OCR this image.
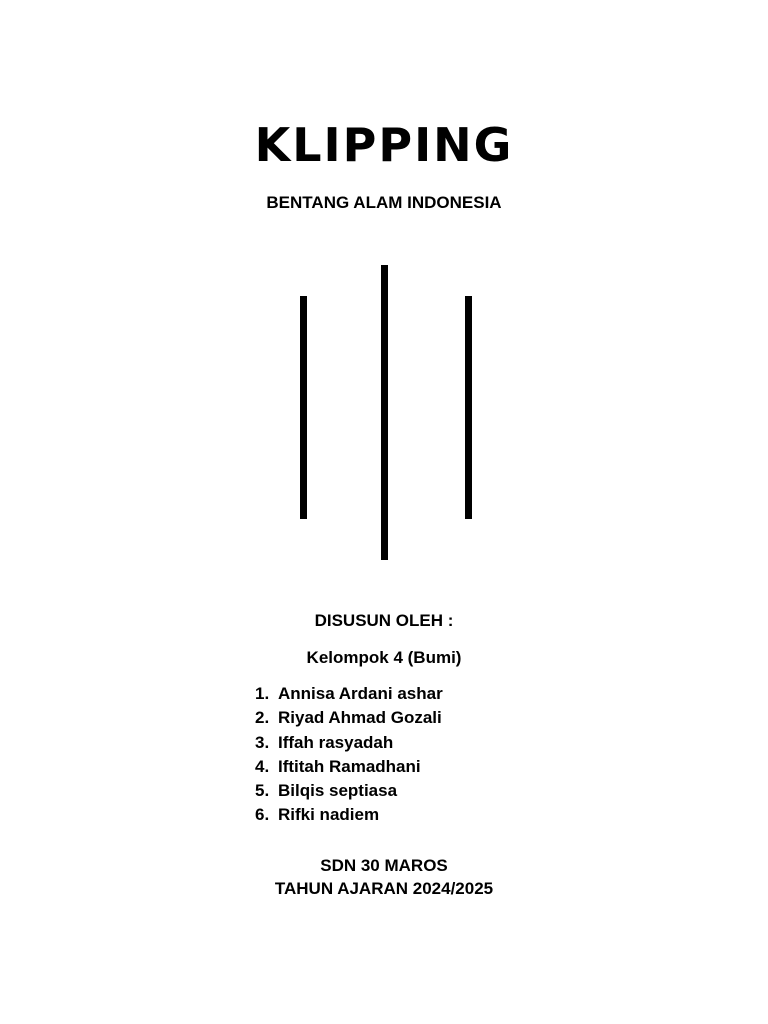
KLIPPING

BENTANG ALAM INDONESIA

DISUSUN OLEH :

Kelompok 4 (Bumi)

1. Annisa Ardani ashar
2. Riyad Ahmad Gozali
3. Iffah rasyadah
4. Iftitah Ramadhani
5. Bilqis septiasa
6. Rifki nadiem

SDN 30 MAROS

TAHUN AJARAN 2024/2025
